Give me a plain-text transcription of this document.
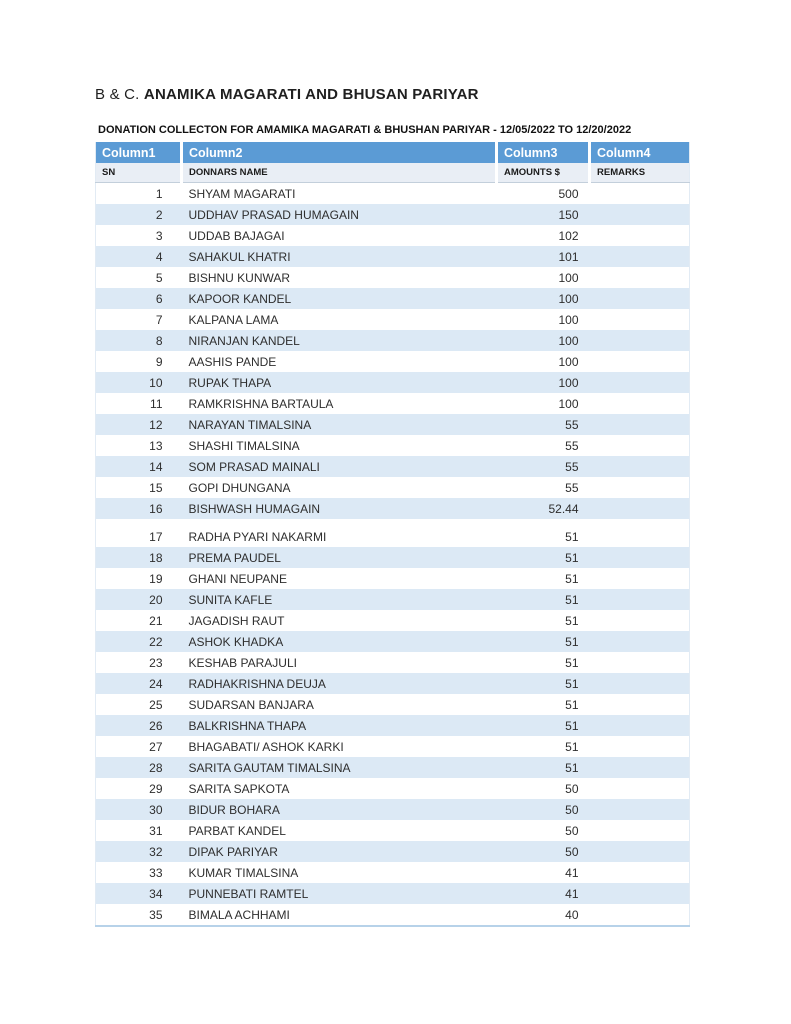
B & C. ANAMIKA MAGARATI AND BHUSAN PARIYAR
DONATION COLLECTON FOR AMAMIKA MAGARATI & BHUSHAN PARIYAR - 12/05/2022 TO 12/20/2022
Column1	Column2	Column3	Column4
SN	DONNARS NAME	AMOUNTS $	REMARKS
1	SHYAM MAGARATI	500	
2	UDDHAV PRASAD HUMAGAIN	150	
3	UDDAB BAJAGAI	102	
4	SAHAKUL KHATRI	101	
5	BISHNU KUNWAR	100	
6	KAPOOR KANDEL	100	
7	KALPANA LAMA	100	
8	NIRANJAN KANDEL	100	
9	AASHIS PANDE	100	
10	RUPAK THAPA	100	
11	RAMKRISHNA BARTAULA	100	
12	NARAYAN TIMALSINA	55	
13	SHASHI TIMALSINA	55	
14	SOM PRASAD MAINALI	55	
15	GOPI DHUNGANA	55	
16	BISHWASH HUMAGAIN	52.44	

17	RADHA PYARI NAKARMI	51	
18	PREMA PAUDEL	51	
19	GHANI NEUPANE	51	
20	SUNITA KAFLE	51	
21	JAGADISH RAUT	51	
22	ASHOK KHADKA	51	
23	KESHAB PARAJULI	51	
24	RADHAKRISHNA DEUJA	51	
25	SUDARSAN BANJARA	51	
26	BALKRISHNA THAPA	51	
27	BHAGABATI/ ASHOK KARKI	51	
28	SARITA GAUTAM TIMALSINA	51	
29	SARITA SAPKOTA	50	
30	BIDUR BOHARA	50	
31	PARBAT KANDEL	50	
32	DIPAK PARIYAR	50	
33	KUMAR TIMALSINA	41	
34	PUNNEBATI RAMTEL	41	
35	BIMALA ACHHAMI	40	
